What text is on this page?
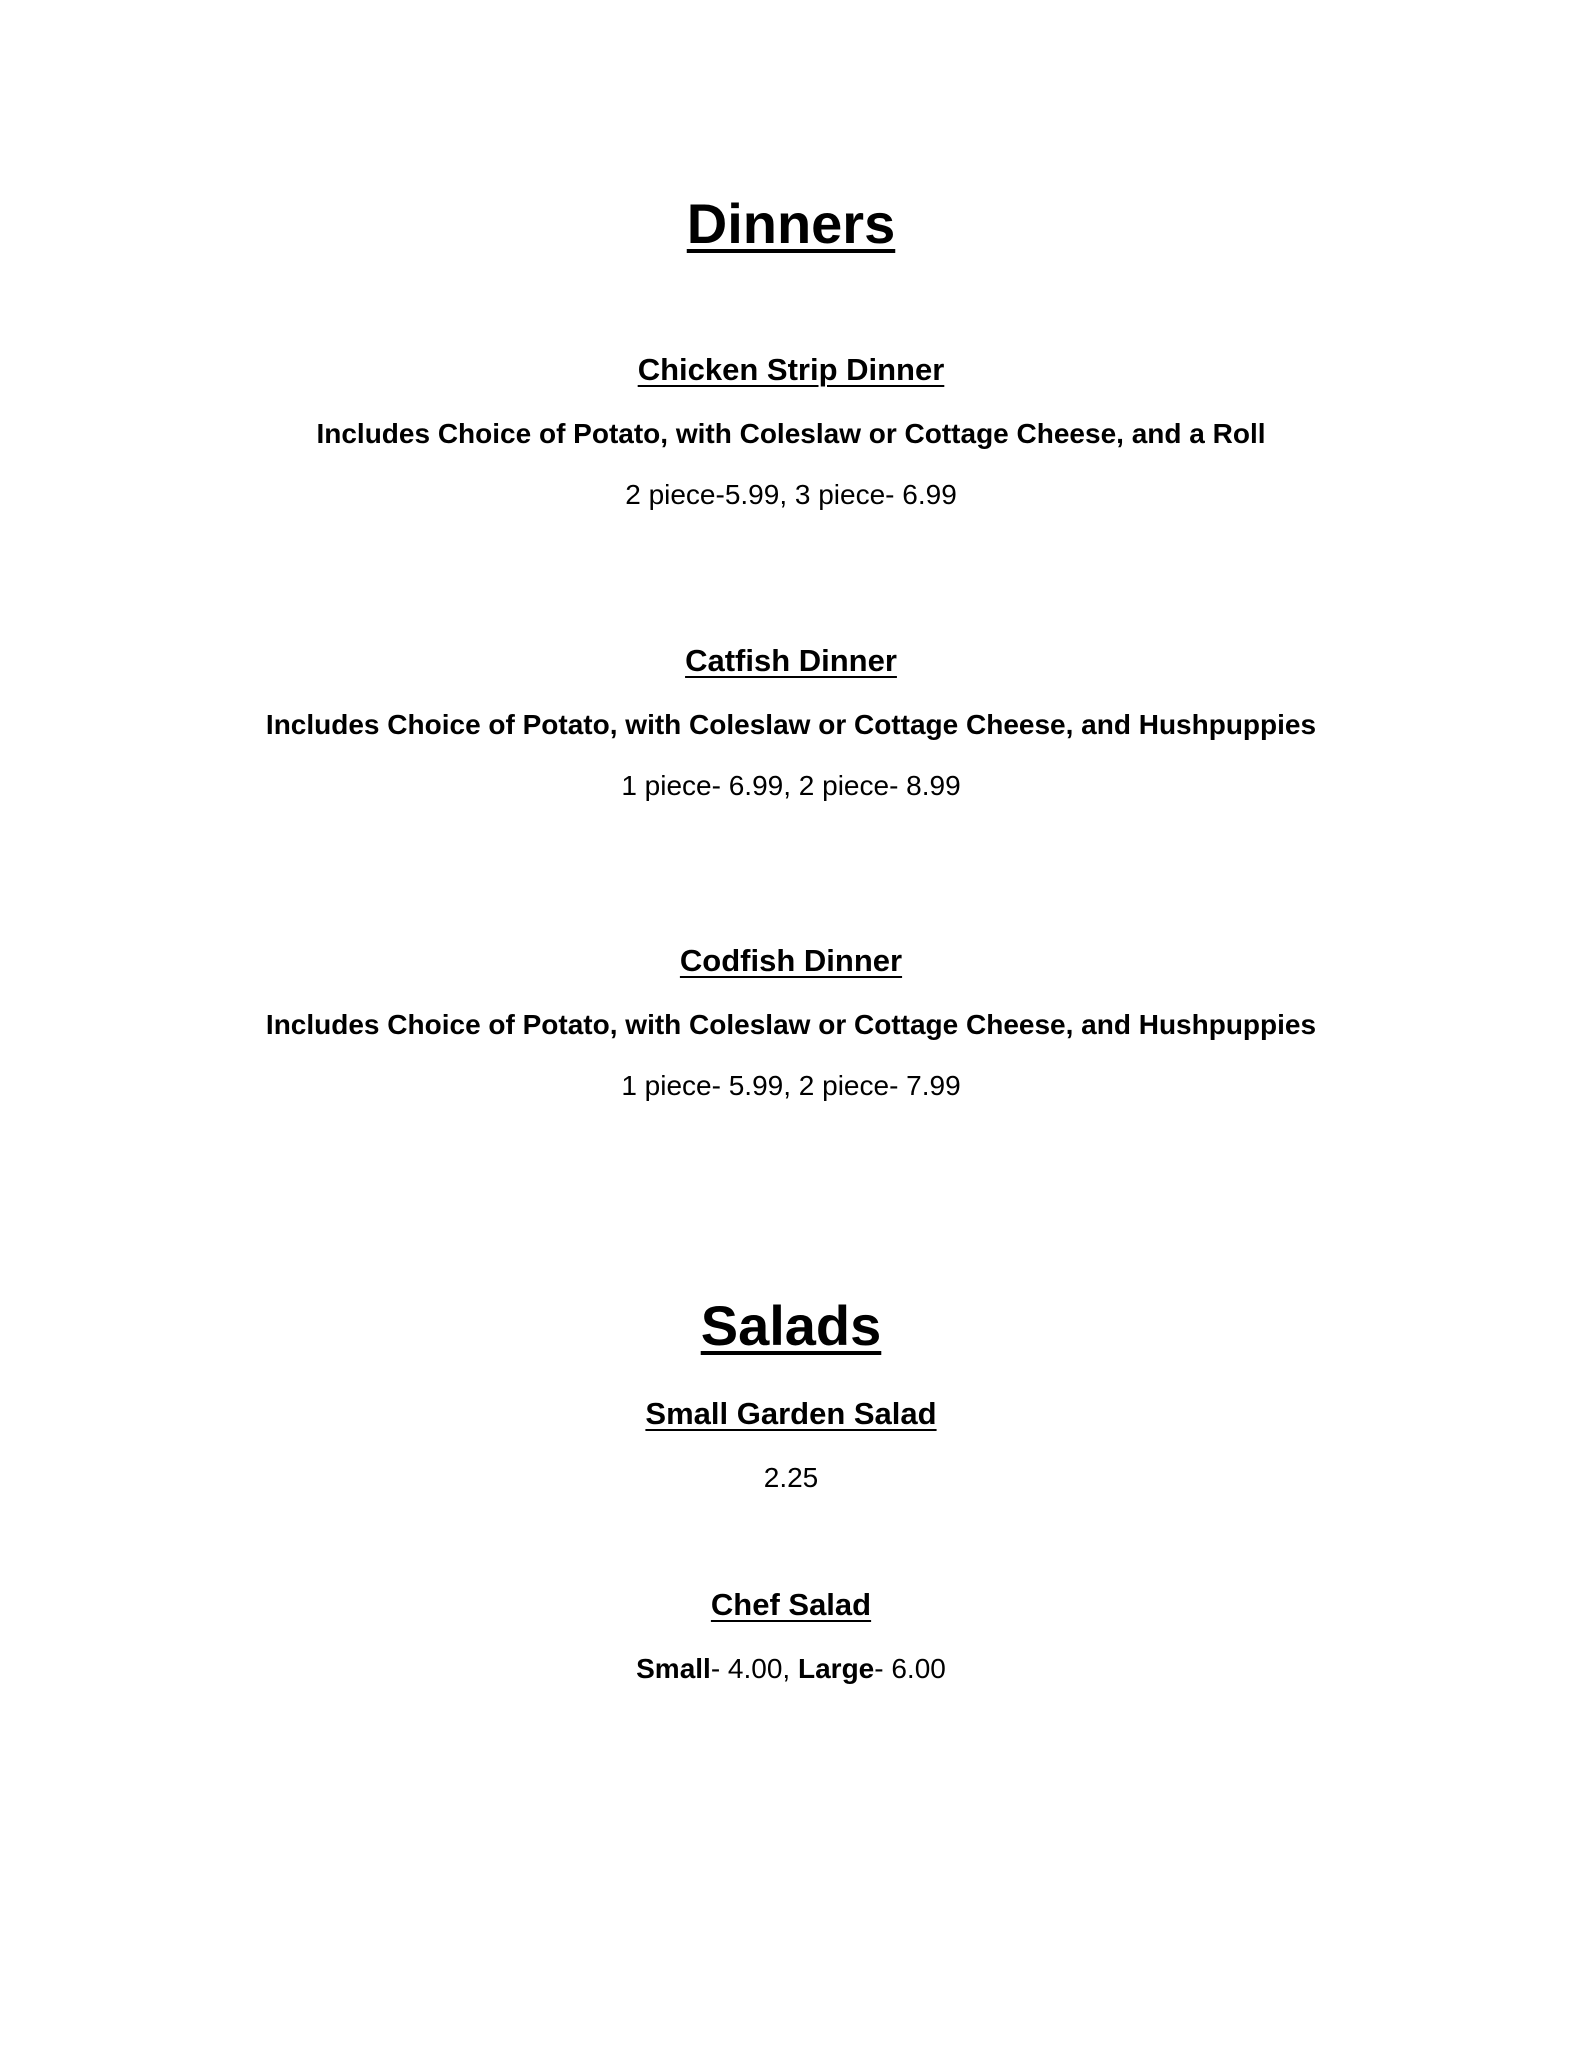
Dinners
Chicken Strip Dinner

Includes Choice of Potato, with Coleslaw or Cottage Cheese, and a Roll

2 piece-5.99, 3 piece- 6.99

Catfish Dinner

Includes Choice of Potato, with Coleslaw or Cottage Cheese, and Hushpuppies

1 piece- 6.99, 2 piece- 8.99

Codfish Dinner

Includes Choice of Potato, with Coleslaw or Cottage Cheese, and Hushpuppies

1 piece- 5.99, 2 piece- 7.99

Salads
Small Garden Salad

2.25

Chef Salad

Small- 4.00, Large- 6.00
